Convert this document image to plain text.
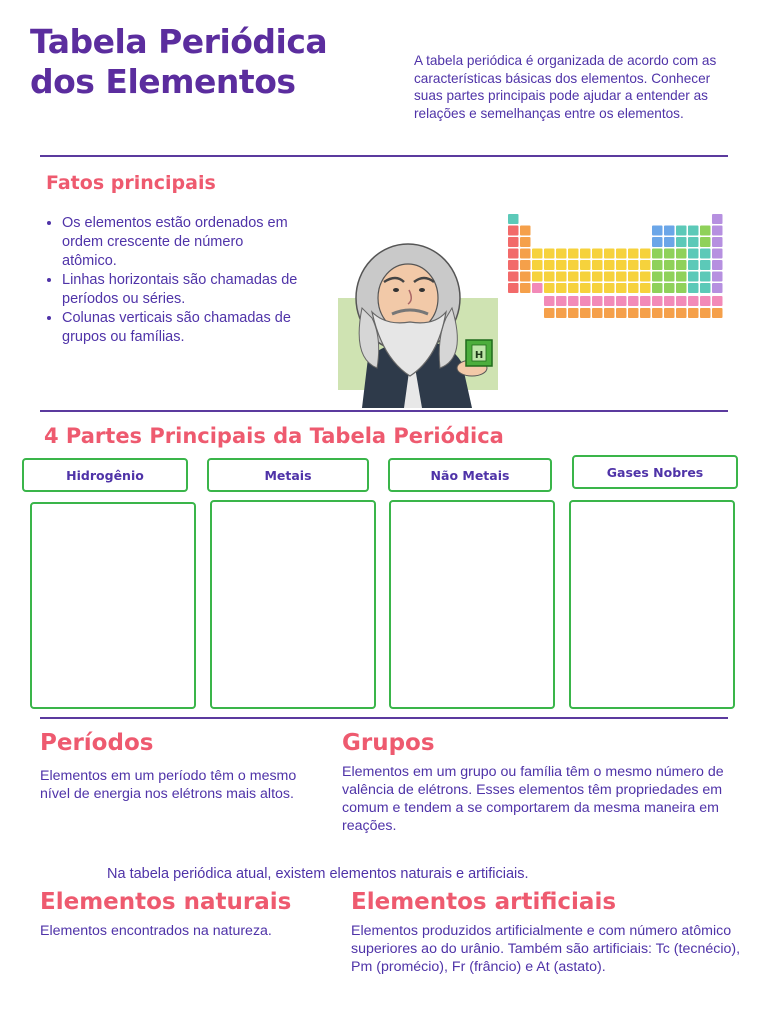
Tabela Periódica
dos Elementos

A tabela periódica é organizada de acordo com as características básicas dos elementos. Conhecer suas partes principais pode ajudar a entender as relações e semelhanças entre os elementos.

Fatos principais
• Os elementos estão ordenados em ordem crescente de número atômico.
• Linhas horizontais são chamadas de períodos ou séries.
• Colunas verticais são chamadas de grupos ou famílias.
H
4 Partes Principais da Tabela Periódica
Hidrogênio	Metais	Não Metais	Gases Nobres
Períodos

Elementos em um período têm o mesmo nível de energia nos elétrons mais altos.

Grupos

Elementos em um grupo ou família têm o mesmo número de valência de elétrons. Esses elementos têm propriedades em comum e tendem a se comportarem da mesma maneira em reações.

Na tabela periódica atual, existem elementos naturais e artificiais.

Elementos naturais

Elementos encontrados na natureza.

Elementos artificiais

Elementos produzidos artificialmente e com número atômico superiores ao do urânio. Também são artificiais: Tc (tecnécio), Pm (promécio), Fr (frâncio) e At (astato).
